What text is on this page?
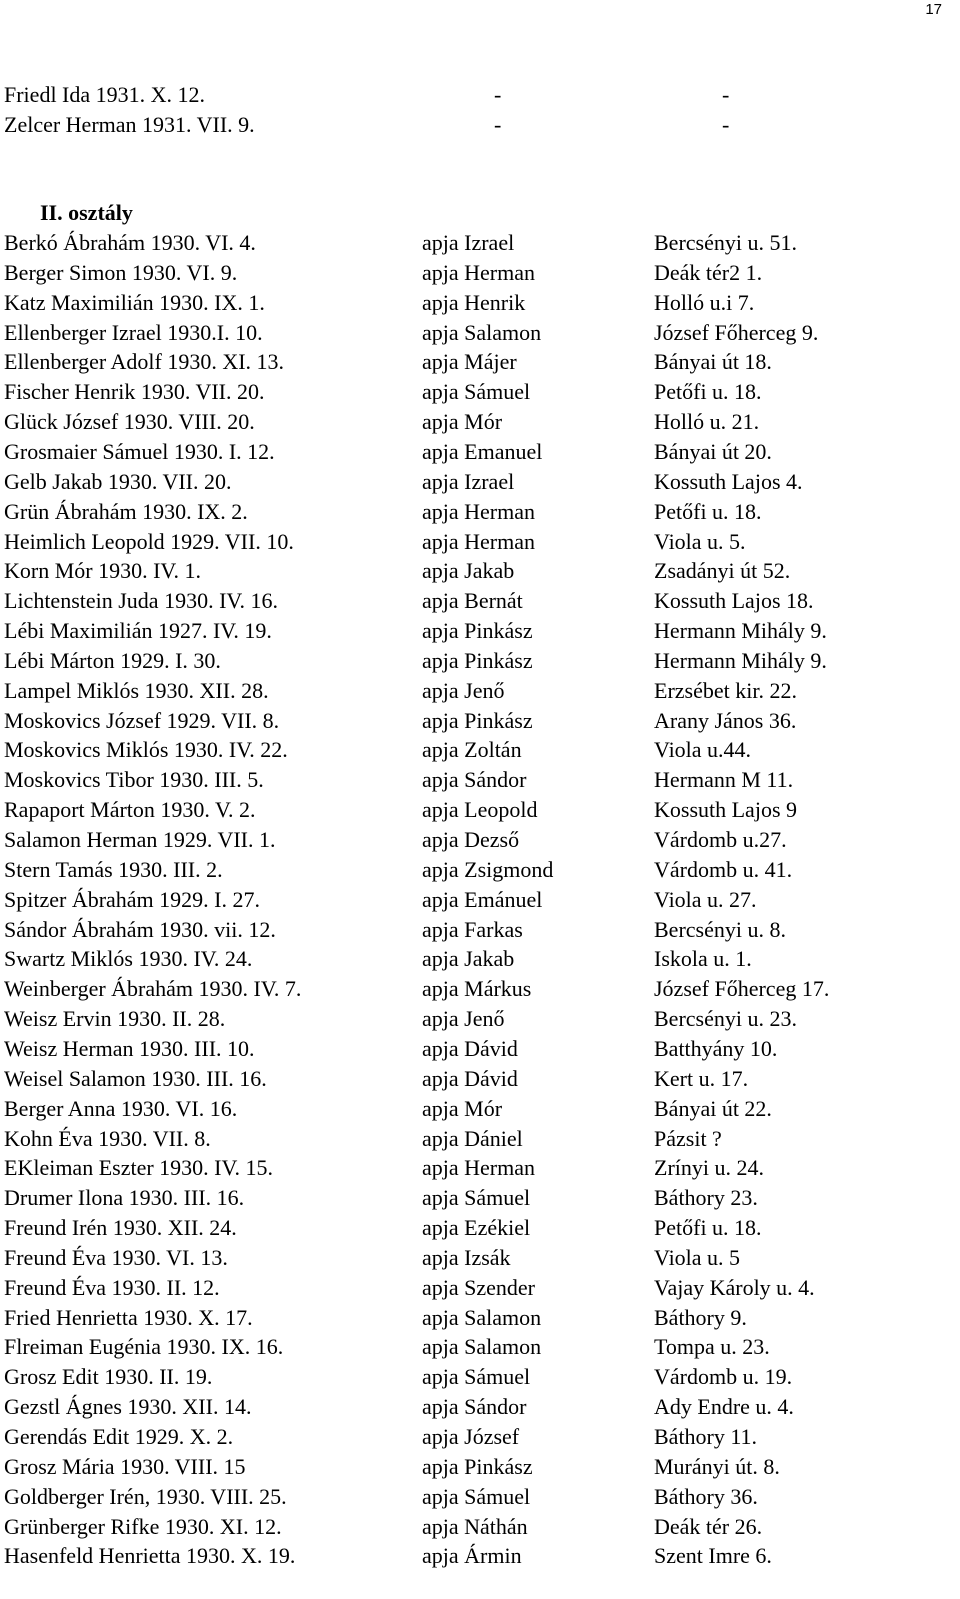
17
Friedl Ida 1931. X. 12.	-	-
Zelcer Herman 1931. VII. 9.	-	-
II. osztály
Berkó Ábrahám 1930. VI. 4.	apja Izrael	Bercsényi u. 51.
Berger Simon 1930. VI. 9.	apja Herman	Deák tér2 1.
Katz Maximilián 1930. IX. 1.	apja Henrik	Holló u.i 7.
Ellenberger Izrael 1930.I. 10.	apja Salamon	József Főherceg 9.
Ellenberger Adolf 1930. XI. 13.	apja Májer	Bányai út 18.
Fischer Henrik 1930. VII. 20.	apja Sámuel	Petőfi u. 18.
Glück József 1930. VIII. 20.	apja Mór	Holló u. 21.
Grosmaier Sámuel 1930. I. 12.	apja Emanuel	Bányai út 20.
Gelb Jakab 1930. VII. 20.	apja Izrael	Kossuth Lajos 4.
Grün Ábrahám 1930. IX. 2.	apja Herman	Petőfi u. 18.
Heimlich Leopold 1929. VII. 10.	apja Herman	Viola u. 5.
Korn Mór 1930. IV. 1.	apja Jakab	Zsadányi út 52.
Lichtenstein Juda 1930. IV. 16.	apja Bernát	Kossuth Lajos 18.
Lébi Maximilián 1927. IV. 19.	apja Pinkász	Hermann Mihály 9.
Lébi Márton 1929. I. 30.	apja Pinkász	Hermann Mihály 9.
Lampel Miklós 1930. XII. 28.	apja Jenő	Erzsébet kir. 22.
Moskovics József 1929. VII. 8.	apja Pinkász	Arany János 36.
Moskovics Miklós 1930. IV. 22.	apja Zoltán	Viola u.44.
Moskovics Tibor 1930. III. 5.	apja Sándor	Hermann M 11.
Rapaport Márton 1930. V. 2.	apja Leopold	Kossuth Lajos 9
Salamon Herman 1929. VII. 1.	apja Dezső	Várdomb u.27.
Stern Tamás 1930. III. 2.	apja Zsigmond	Várdomb u. 41.
Spitzer Ábrahám 1929. I. 27.	apja Emánuel	Viola u. 27.
Sándor Ábrahám 1930. vii. 12.	apja Farkas	Bercsényi u. 8.
Swartz Miklós 1930. IV. 24.	apja Jakab	Iskola u. 1.
Weinberger Ábrahám 1930. IV. 7.	apja Márkus	József Főherceg 17.
Weisz Ervin 1930. II. 28.	apja Jenő	Bercsényi u. 23.
Weisz Herman 1930. III. 10.	apja Dávid	Batthyány 10.
Weisel Salamon 1930. III. 16.	apja Dávid	Kert u. 17.
Berger Anna 1930. VI. 16.	apja Mór	Bányai út 22.
Kohn Éva 1930. VII. 8.	apja Dániel	Pázsit ?
EKleiman Eszter 1930. IV. 15.	apja Herman	Zrínyi u. 24.
Drumer Ilona 1930. III. 16.	apja Sámuel	Báthory 23.
Freund Irén 1930. XII. 24.	apja Ezékiel	Petőfi u. 18.
Freund Éva 1930. VI. 13.	apja Izsák	Viola u. 5
Freund Éva 1930. II. 12.	apja Szender	Vajay Károly u. 4.
Fried Henrietta 1930. X. 17.	apja Salamon	Báthory 9.
Flreiman Eugénia 1930. IX. 16.	apja Salamon	Tompa u. 23.
Grosz Edit 1930. II. 19.	apja Sámuel	Várdomb u. 19.
Gezstl Ágnes 1930. XII. 14.	apja Sándor	Ady Endre u. 4.
Gerendás Edit 1929. X. 2.	apja József	Báthory 11.
Grosz Mária 1930. VIII. 15	apja Pinkász	Murányi út. 8.
Goldberger Irén, 1930. VIII. 25.	apja Sámuel	Báthory 36.
Grünberger Rifke 1930. XI. 12.	apja Náthán	Deák tér 26.
Hasenfeld Henrietta 1930. X. 19.	apja Ármin	Szent Imre 6.
